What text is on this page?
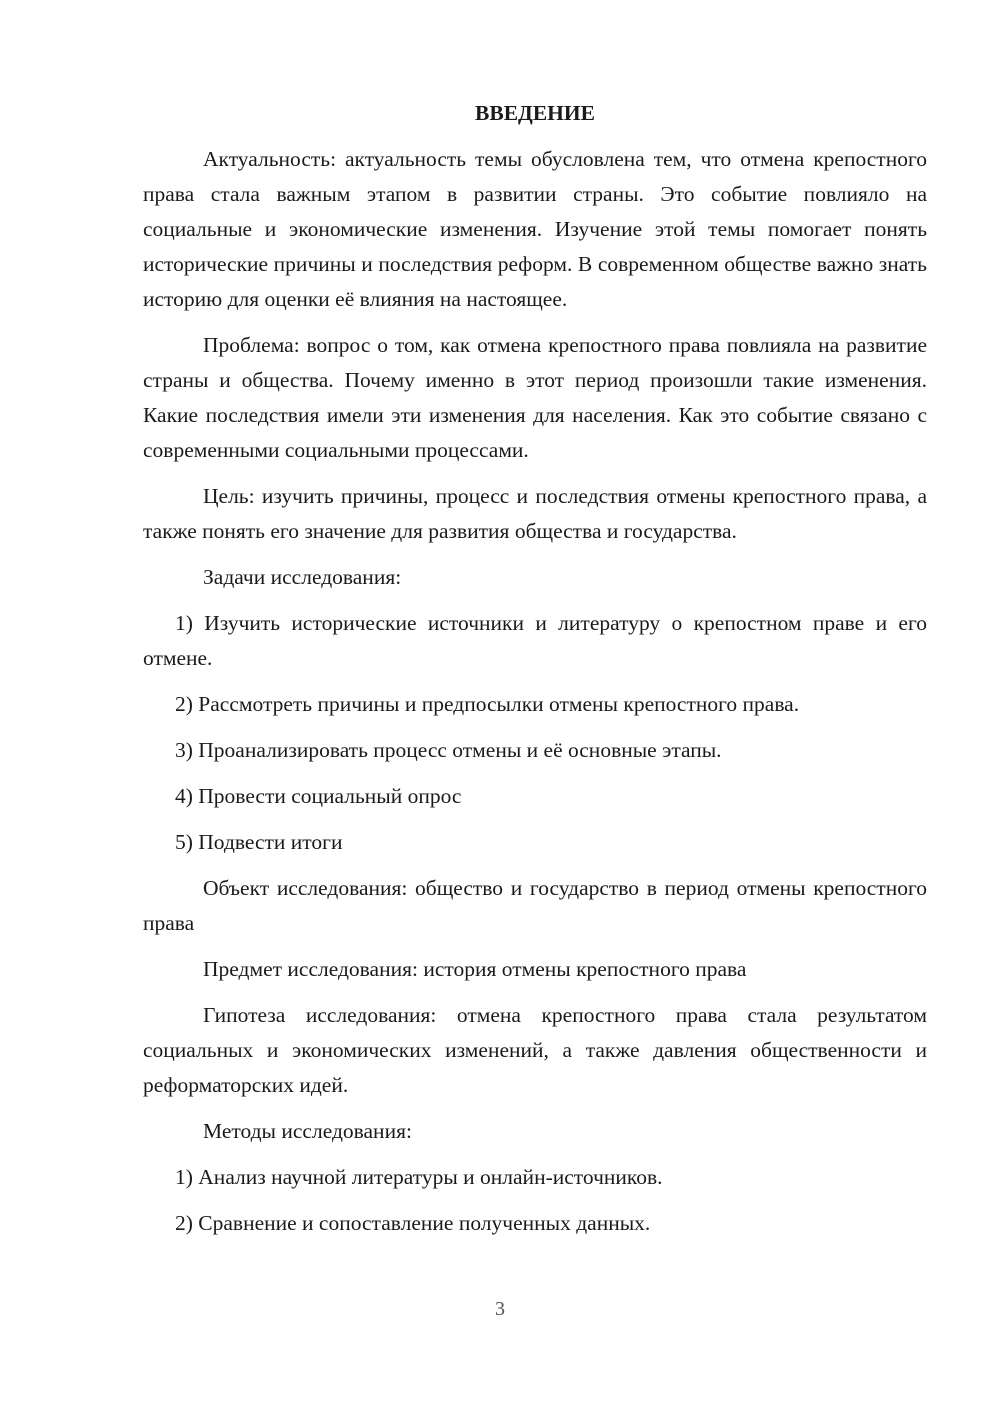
ВВЕДЕНИЕ

Актуальность: актуальность темы обусловлена тем, что отмена крепостного права стала важным этапом в развитии страны. Это событие повлияло на социальные и экономические изменения. Изучение этой темы помогает понять исторические причины и последствия реформ. В современном обществе важно знать историю для оценки её влияния на настоящее.

Проблема: вопрос о том, как отмена крепостного права повлияла на развитие страны и общества. Почему именно в этот период произошли такие изменения. Какие последствия имели эти изменения для населения. Как это событие связано с современными социальными процессами.

Цель: изучить причины, процесс и последствия отмены крепостного права, а также понять его значение для развития общества и государства.

Задачи исследования:

1) Изучить исторические источники и литературу о крепостном праве и его отмене.

2) Рассмотреть причины и предпосылки отмены крепостного права.

3) Проанализировать процесс отмены и её основные этапы.

4) Провести социальный опрос

5) Подвести итоги

Объект исследования: общество и государство в период отмены крепостного права

Предмет исследования: история отмены крепостного права

Гипотеза исследования: отмена крепостного права стала результатом социальных и экономических изменений, а также давления общественности и реформаторских идей.

Методы исследования:

1) Анализ научной литературы и онлайн-источников.

2) Сравнение и сопоставление полученных данных.

3
